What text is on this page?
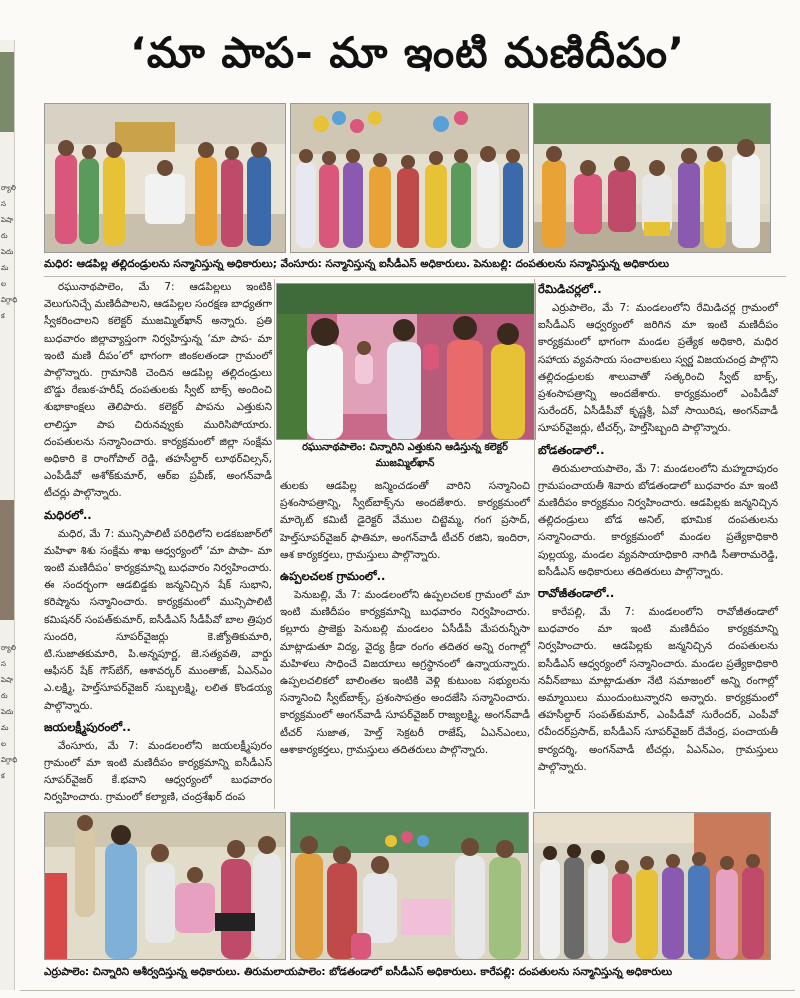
ర్యాలిస పెషా రు పెదుమలవిగ్గాధిక
ర్యాలిస పెషా రు పెదుమలవిగ్గాధిక
‘మా పాప- మా ఇంటి మణిదీపం’
మధిర: ఆడపిల్ల తల్లిదండ్రులను సన్మానిస్తున్న అధికారులు; వేంసూరు: సన్మానిస్తున్న ఐసీడీఎస్ అధికారులు. పెనుబల్లి: దంపతులను సన్మానిస్తున్న అధికారులు
రఘునాథపాలెం: చిన్నారిని ఎత్తుకుని ఆడిస్తున్న కలెక్టర్ ముజమ్మిల్‌ఖాన్

రఘునాథపాలెం, మే 7: ఆడపిల్లలు ఇంటికి వెలుగునిచ్చే మణిదీపాలని, ఆడపిల్లల సంరక్షణ బాధ్యతగా స్వీకరించాలని కలెక్టర్ ముజమ్మిల్‌ఖాన్ అన్నారు. ప్రతి బుధవారం జిల్లావ్యాప్తంగా నిర్వహిస్తున్న ‘మా పాప- మా ఇంటి మణి దీపం’లో భాగంగా జింకలతండా గ్రామంలో పాల్గొన్నారు. గ్రామానికి చెందిన ఆడపిల్ల తల్లిదండ్రులు బొడ్డు రేణుక-హరీష్ దంపతులకు స్వీట్ బాక్స్ అందించి శుభాకాంక్షలు తెలిపారు. కలెక్టర్ పాపను ఎత్తుకుని లాలిస్తూ పాప చిరునవ్వుకు మురిసిపోయారు. దంపతులను సన్మానించారు. కార్యక్రమంలో జిల్లా సంక్షేమ అధికారి కె రాంగోపాల్ రెడ్డి, తహసీల్దార్ లూథర్‌విల్సన్, ఎంపీడీవో అశోక్‌కుమార్, ఆర్ఐ ప్రవీణ్, అంగన్‌వాడీ టీచర్లు పాల్గొన్నారు.

మధిరలో..

మధిర, మే 7: మున్సిపాలిటీ పరిధిలోని లడకబజార్‌లో మహిళా శిశు సంక్షేమ శాఖ ఆధ్వర్యంలో ‘మా పాపా- మా ఇంటి మణిదీపం’ కార్యక్రమాన్ని బుధవారం నిర్వహించారు. ఈ సందర్భంగా ఆడబిడ్డకు జన్మనిచ్చిన షేక్ సుభాని, కరిష్మాను సన్మానించారు. కార్యక్రమంలో మున్సిపాలిటీ కమిషనర్ సంపత్‌కుమార్, ఐసీడీఎస్ సీడీపీవో బాల త్రిపుర సుందరి, సూపర్‌వైజర్లు కె.జ్యోతికుమారి, టి.సుజాతకుమారి, పి.అన్నపూర్ణ, జె.సత్యవతి, వార్డు ఆఫీసర్ షేక్ గౌస్‌బేగ్, ఆశావర్కర్ ముంతాజ్, ఏఎన్ఎం ఎ.లక్ష్మి, హెల్త్‌సూపర్‌వైజర్ సుబ్బలక్ష్మి, లలిత కొండయ్య పాల్గొన్నారు.

జయలక్ష్మీపురంలో..

వేంసూరు, మే 7: మండలంలోని జయలక్ష్మీపురం గ్రామంలో మా ఇంటి మణిదీపం కార్యక్రమాన్ని ఐసీడీఎస్ సూపర్‌వైజర్ కే.భవాని ఆధ్వర్యంలో బుధవారం నిర్వహించారు. గ్రామంలో కల్యాణి, చంద్రశేఖర్ దంప

తులకు ఆడపిల్ల జన్మించడంతో వారిని సన్మానించి ప్రశంసాపత్రాన్ని, స్వీట్‌బాక్స్‌ను అందజేశారు. కార్యక్రమంలో మార్కెట్ కమిటీ డైరెక్టర్ వేముల చిట్టెమ్మ, గంగ ప్రసాద్, హెల్త్‌సూపర్‌వైజర్ ఫాతిమా, అంగన్‌వాడీ టీచర్ రజిని, ఇందిరా, ఆశ కార్యకర్తలు, గ్రామస్తులు పాల్గొన్నారు.

ఉప్పలచలక గ్రామంలో..

పెనుబల్లి, మే 7: మండలంలోని ఉప్పలచలక గ్రామంలో మా ఇంటి మణిదీపం కార్యక్రమాన్ని బుధవారం నిర్వహించారు. కల్లూరు ప్రాజెక్టు పెనుబల్లి మండలం ఏసీడీపీ మేపరున్నీసా మాట్లాడుతూ విద్య, వైద్య క్రీడా రంగం తదితర అన్ని రంగాల్లో మహిళలు సాధించే విజయాలు అగ్రస్థానంలో ఉన్నాయన్నారు. ఉప్పలచలికలో బాలింతల ఇంటికి వెళ్లి కుటుంబ సభ్యులను సన్మానించి స్వీట్‌బాక్స్, ప్రశంసాపత్రం అందజేసి సన్మానించారు. కార్యక్రమంలో అంగన్‌వాడీ సూపర్‌వైజర్ రాజ్యలక్ష్మి, అంగన్‌వాడీ టీచర్ సుజాత, హెల్త్ సెక్రటరీ రాజేష్, ఏఎన్ఎంలు, ఆశాకార్యకర్తలు, గ్రామస్తులు తదితరులు పాల్గొన్నారు.

రేమిడిచర్లలో..

ఎర్రుపాలెం, మే 7: మండలంలోని రేమిడిచర్ల గ్రామంలో ఐసీడీఎస్ ఆధ్వర్యంలో జరిగిన మా ఇంటి మణిదీపం కార్యక్రమంలో భాగంగా మండల ప్రత్యేక అధికారి, మధిర సహాయ వ్యవసాయ సంచాలకులు స్వర్ణ విజయచంద్ర పాల్గొని తల్లిదండ్రులకు శాలువాతో సత్కరించి స్వీట్ బాక్స్, ప్రశంసాపత్రాన్ని అందజేశారు. కార్యక్రమంలో ఎంపీడీవో సురేందర్, ఏసీడీపీవో కృష్ణశ్రీ, ఏవో సాయిరిష, అంగన్‌వాడీ సూపర్‌వైజర్లు, టీచర్స్, హెల్త్‌సిబ్బంది పాల్గొన్నారు.

బోడతండాలో..

తిరుమలాయపాలెం, మే 7: మండలంలోని మహ్మదాపురం గ్రామపంచాయతీ శివారు బోడతండాలో బుధవారం మా ఇంటి మణిదీపం కార్యక్రమం నిర్వహించారు. ఆడపిల్లకు జన్మనిచ్చిన తల్లిదండ్రులు బోడ అనిల్, భూమిక దంపతులను సన్మానించారు. కార్యక్రమంలో మండల ప్రత్యేకాధికారి పుల్లయ్య, మండల వ్యవసాయాధికారి నాగిడి సీతారామరెడ్డి, ఐసీడీఎస్ అధికారులు తదితరులు పాల్గొన్నారు.

రావోజీతండాలో..

కారేపల్లి, మే 7: మండలంలోని రావోజీతండాలో బుధవారం మా ఇంటి మణిదీపం కార్యక్రమాన్ని నిర్వహించారు. ఆడపిల్లకు జన్మనిచ్చిన దంపతులను ఐసీడీఎస్ ఆధ్వర్యంలో సన్మానించారు. మండల ప్రత్యేకాధికారి నవీన్‌బాబు మాట్లాడుతూ నేటి సమాజంలో అన్ని రంగాల్లో అమ్మాయిలు ముందుంటున్నారని అన్నారు. కార్యక్రమంలో తహసీల్దార్ సంపత్‌కుమార్, ఎంపీడీవో సురేందర్, ఎంపీవో రవీందర్‌ప్రసాద్, ఐసీడీఎస్ సూపర్‌వైజర్ దేవేంద్ర, పంచాయతీ కార్యదర్శి, అంగన్‌వాడీ టీచర్లు, ఏఎన్ఎం, గ్రామస్తులు పాల్గొన్నారు.

ఎర్రుపాలెం: చిన్నారిని ఆశీర్వదిస్తున్న అధికారులు. తిరుమలాయపాలెం: బోడతండాలో ఐసీడీఎస్ అధికారులు. కారేపల్లి: దంపతులను సన్మానిస్తున్న అధికారులు
